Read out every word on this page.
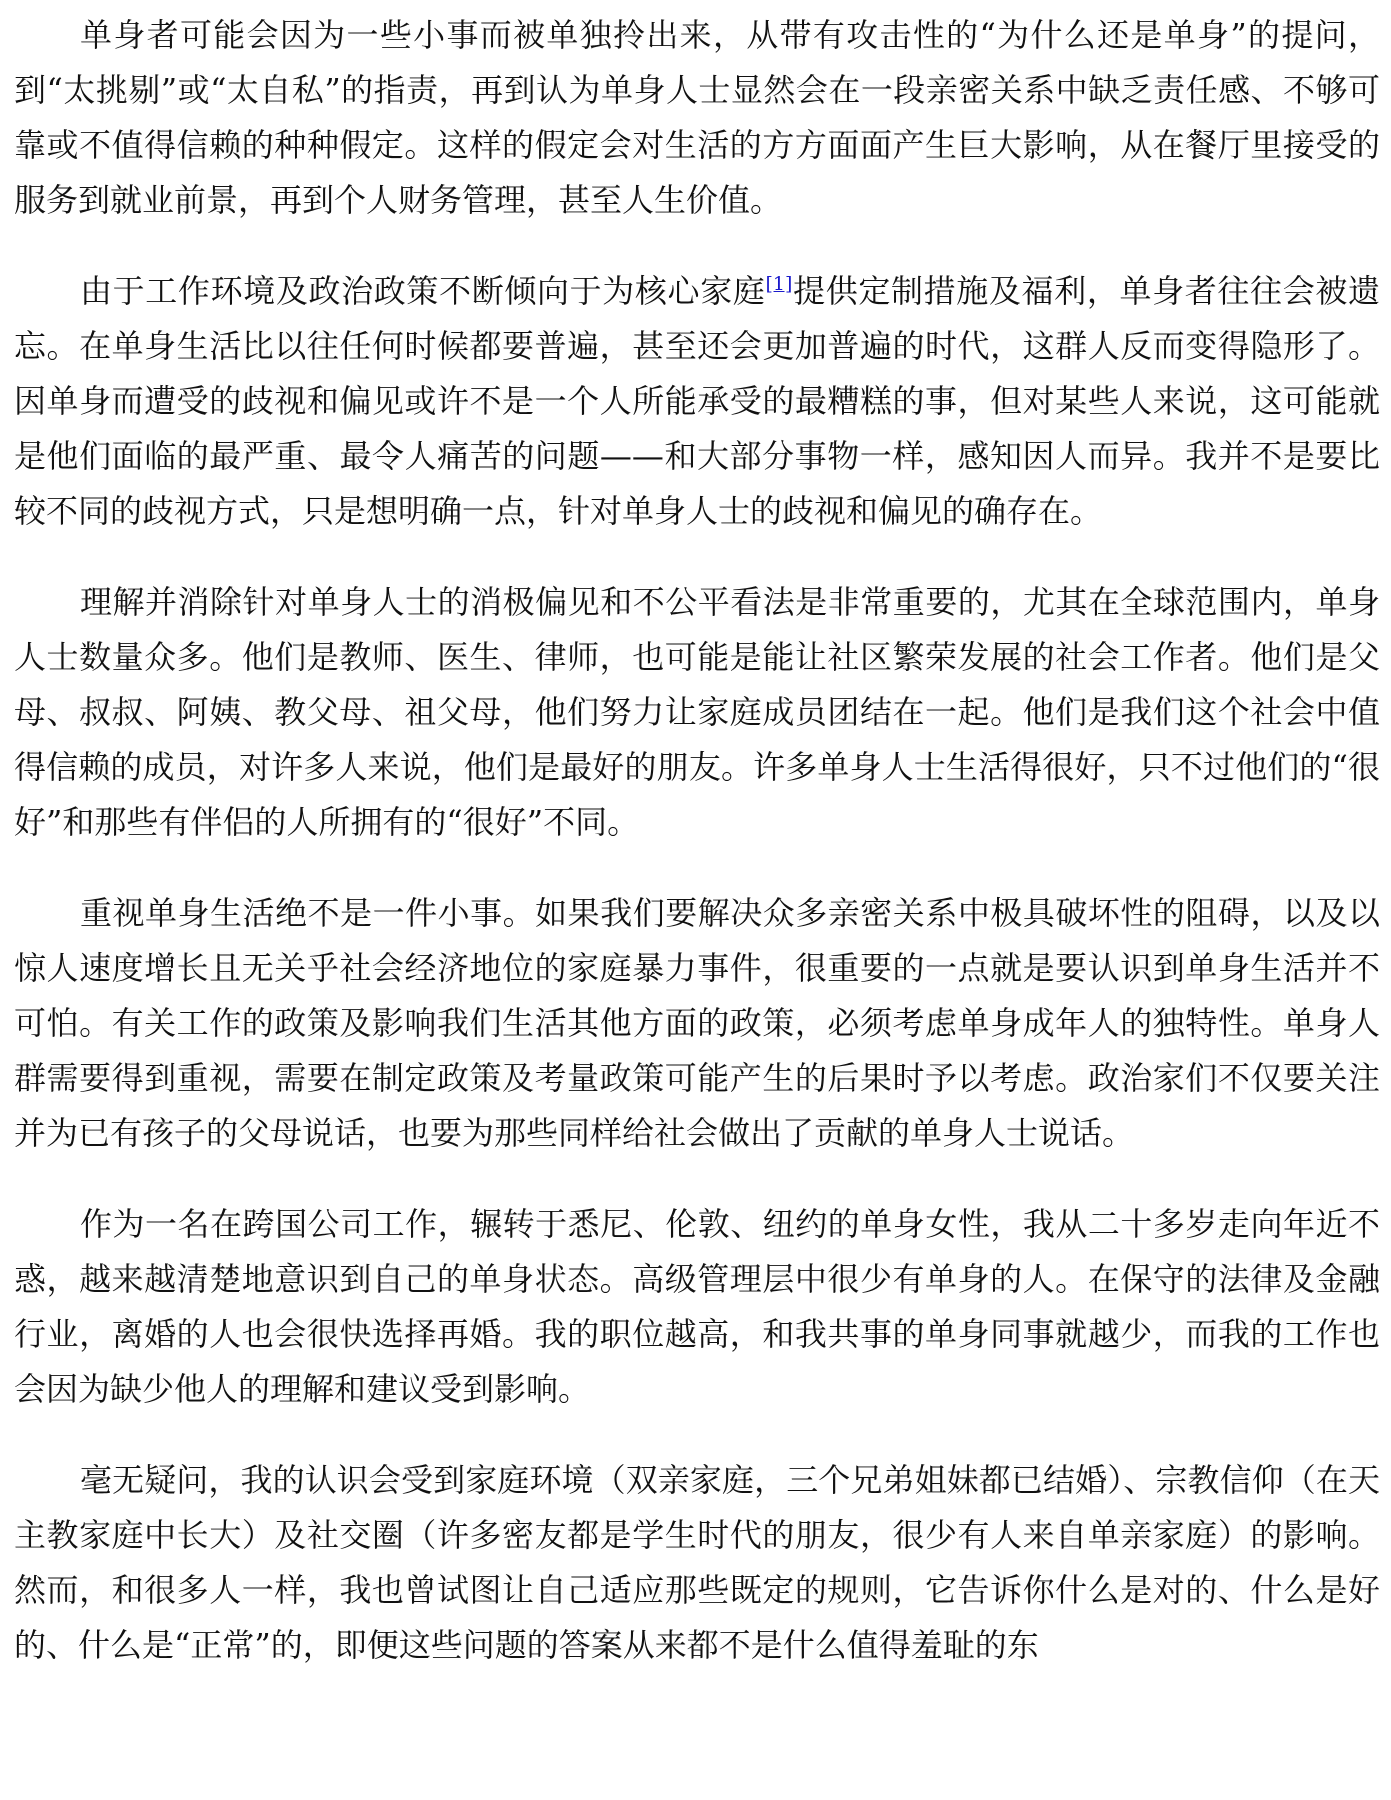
单身者可能会因为一些小事而被单独拎出来，从带有攻击性的“为什么还是单身”的提问，到“太挑剔”或“太自私”的指责，再到认为单身人士显然会在一段亲密关系中缺乏责任感、不够可靠或不值得信赖的种种假定。这样的假定会对生活的方方面面产生巨大影响，从在餐厅里接受的服务到就业前景，再到个人财务管理，甚至人生价值。

由于工作环境及政治政策不断倾向于为核心家庭[1]提供定制措施及福利，单身者往往会被遗忘。在单身生活比以往任何时候都要普遍，甚至还会更加普遍的时代，这群人反而变得隐形了。因单身而遭受的歧视和偏见或许不是一个人所能承受的最糟糕的事，但对某些人来说，这可能就是他们面临的最严重、最令人痛苦的问题——和大部分事物一样，感知因人而异。我并不是要比较不同的歧视方式，只是想明确一点，针对单身人士的歧视和偏见的确存在。

理解并消除针对单身人士的消极偏见和不公平看法是非常重要的，尤其在全球范围内，单身人士数量众多。他们是教师、医生、律师，也可能是能让社区繁荣发展的社会工作者。他们是父母、叔叔、阿姨、教父母、祖父母，他们努力让家庭成员团结在一起。他们是我们这个社会中值得信赖的成员，对许多人来说，他们是最好的朋友。许多单身人士生活得很好，只不过他们的“很好”和那些有伴侣的人所拥有的“很好”不同。

重视单身生活绝不是一件小事。如果我们要解决众多亲密关系中极具破坏性的阻碍，以及以惊人速度增长且无关乎社会经济地位的家庭暴力事件，很重要的一点就是要认识到单身生活并不可怕。有关工作的政策及影响我们生活其他方面的政策，必须考虑单身成年人的独特性。单身人群需要得到重视，需要在制定政策及考量政策可能产生的后果时予以考虑。政治家们不仅要关注并为已有孩子的父母说话，也要为那些同样给社会做出了贡献的单身人士说话。

作为一名在跨国公司工作，辗转于悉尼、伦敦、纽约的单身女性，我从二十多岁走向年近不惑，越来越清楚地意识到自己的单身状态。高级管理层中很少有单身的人。在保守的法律及金融行业，离婚的人也会很快选择再婚。我的职位越高，和我共事的单身同事就越少，而我的工作也会因为缺少他人的理解和建议受到影响。

毫无疑问，我的认识会受到家庭环境（双亲家庭，三个兄弟姐妹都已结婚）、宗教信仰（在天主教家庭中长大）及社交圈（许多密友都是学生时代的朋友，很少有人来自单亲家庭）的影响。然而，和很多人一样，我也曾试图让自己适应那些既定的规则，它告诉你什么是对的、什么是好的、什么是“正常”的，即便这些问题的答案从来都不是什么值得羞耻的东
